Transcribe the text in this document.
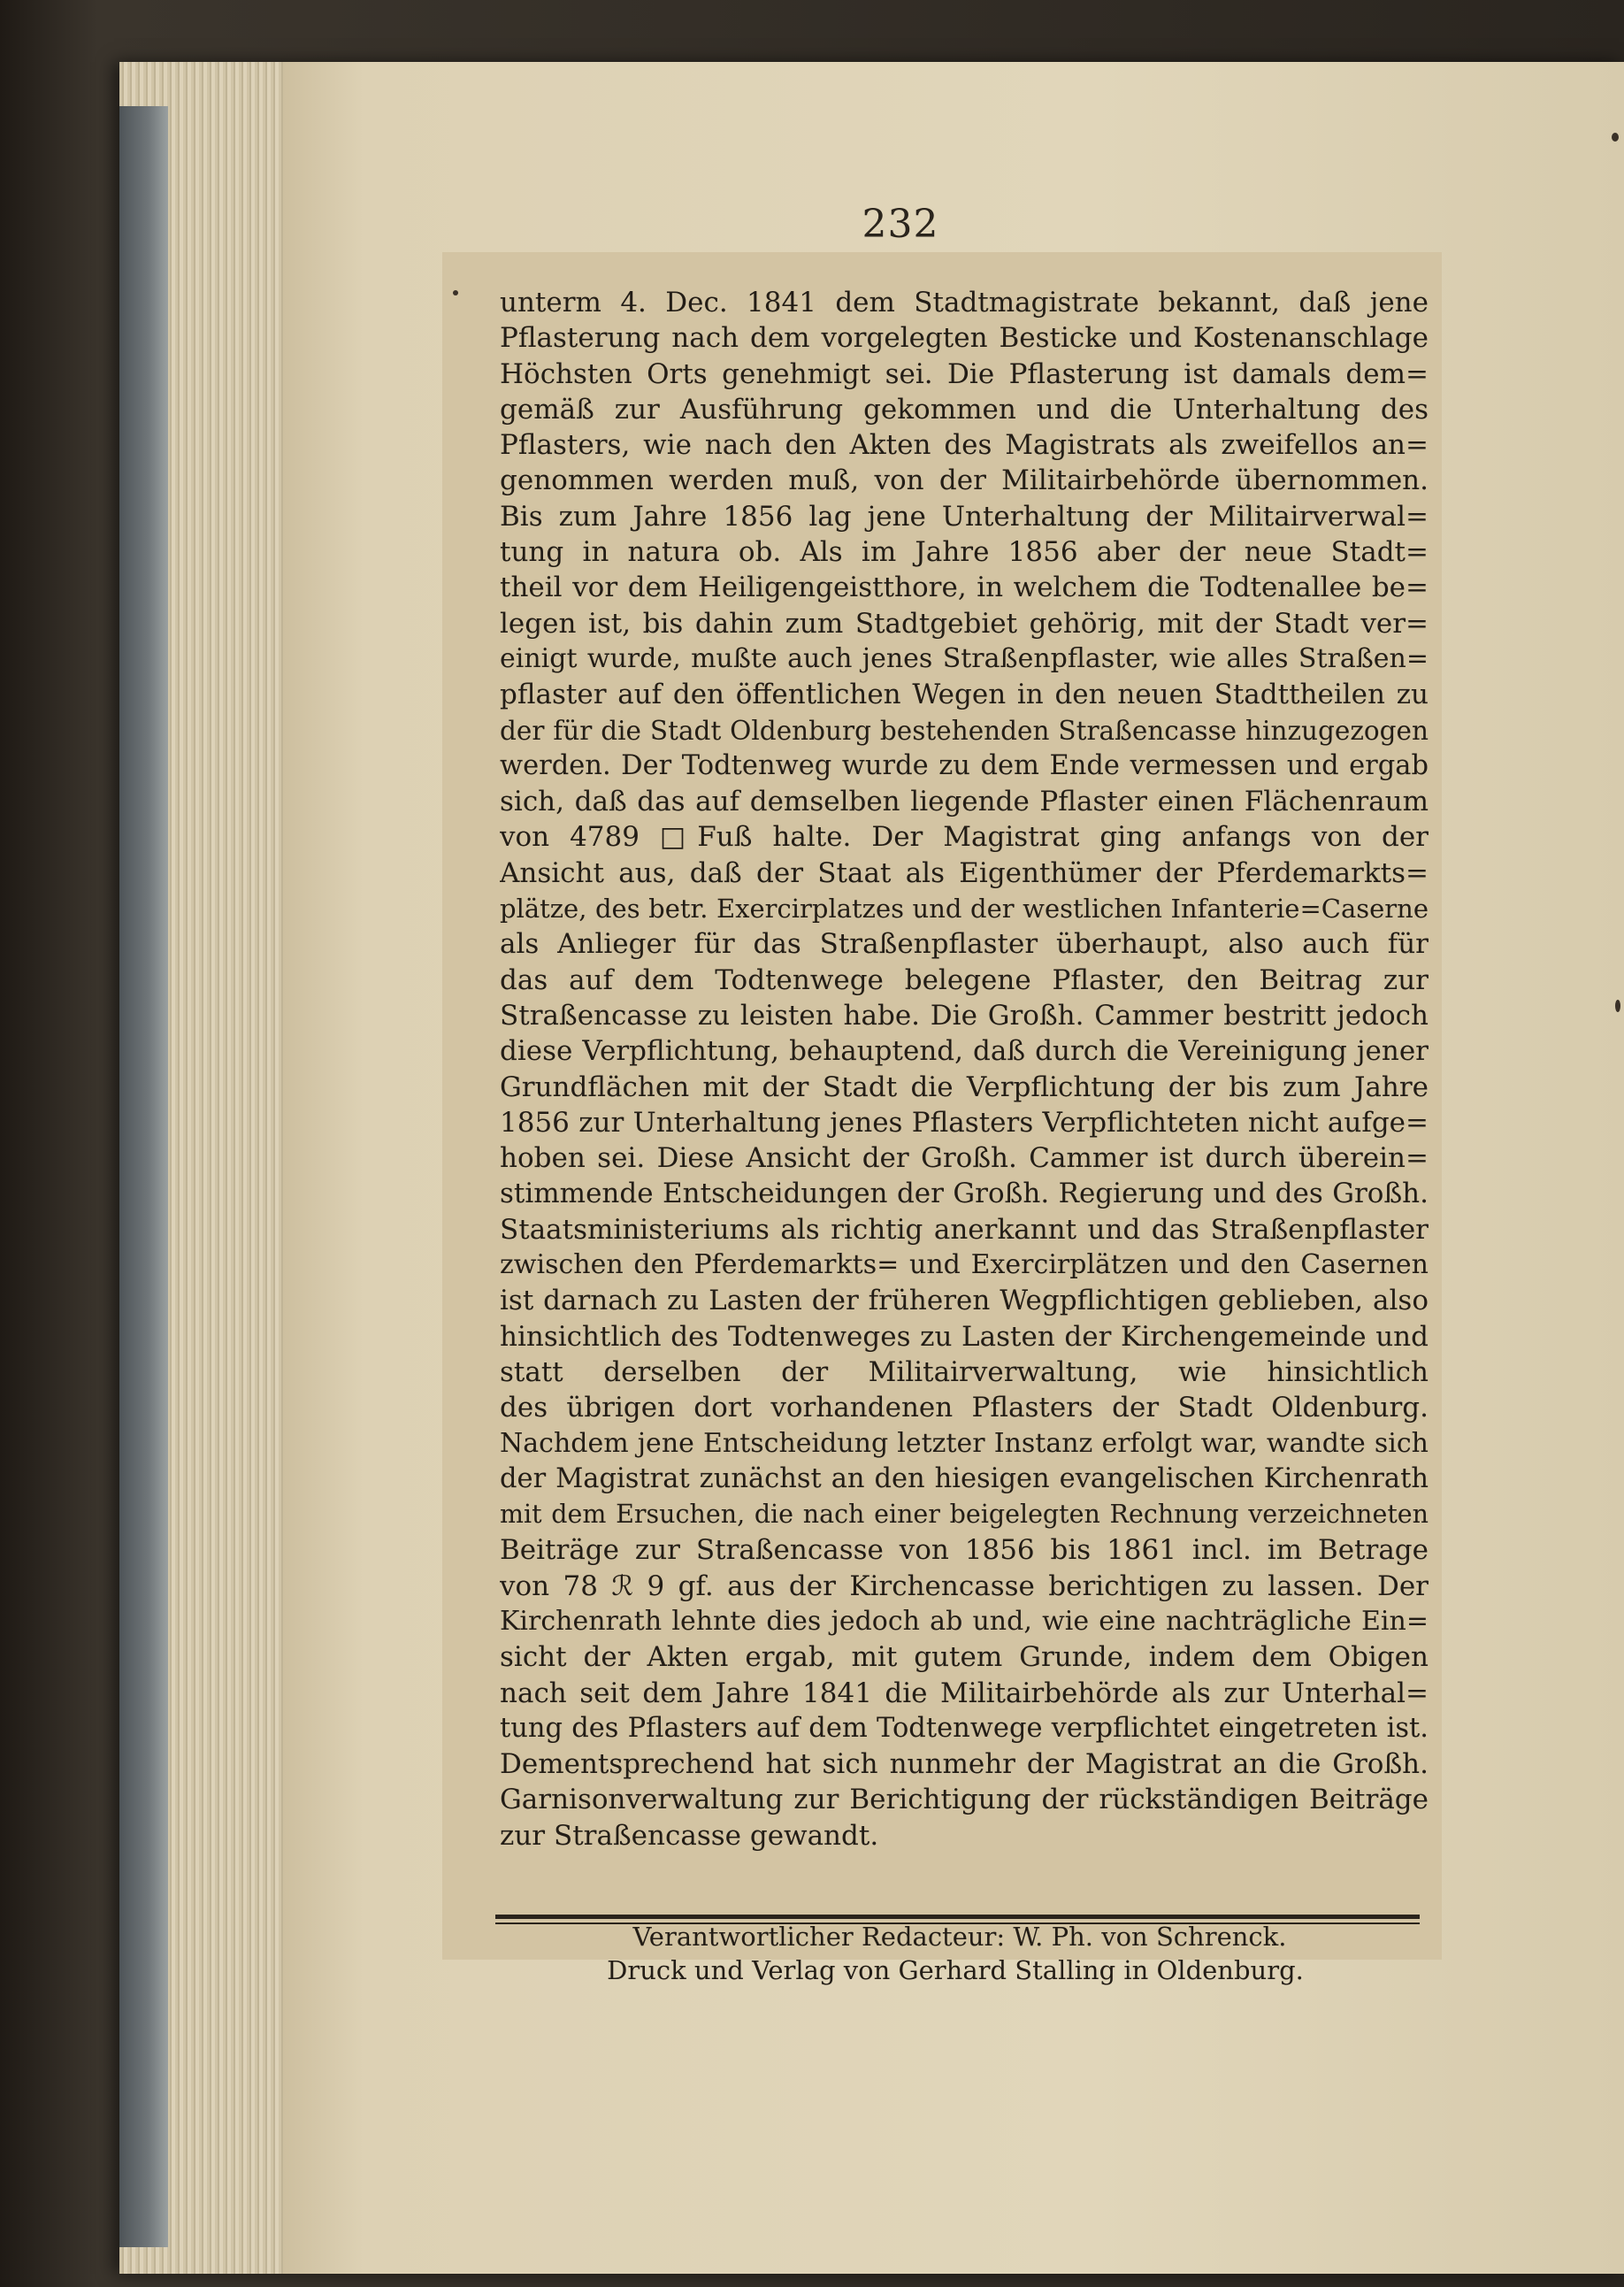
232
unterm 4. Dec. 1841 dem Stadtmagistrate bekannt, daß jene
Pflasterung nach dem vorgelegten Besticke und Kostenanschlage
Höchsten Orts genehmigt sei. Die Pflasterung ist damals dem=
gemäß zur Ausführung gekommen und die Unterhaltung des
Pflasters, wie nach den Akten des Magistrats als zweifellos an=
genommen werden muß, von der Militairbehörde übernommen.
Bis zum Jahre 1856 lag jene Unterhaltung der Militairverwal=
tung in natura ob. Als im Jahre 1856 aber der neue Stadt=
theil vor dem Heiligengeistthore, in welchem die Todtenallee be=
legen ist, bis dahin zum Stadtgebiet gehörig, mit der Stadt ver=
einigt wurde, mußte auch jenes Straßenpflaster, wie alles Straßen=
pflaster auf den öffentlichen Wegen in den neuen Stadttheilen zu
der für die Stadt Oldenburg bestehenden Straßencasse hinzugezogen
werden. Der Todtenweg wurde zu dem Ende vermessen und ergab
sich, daß das auf demselben liegende Pflaster einen Flächenraum
von 4789 □Fuß halte. Der Magistrat ging anfangs von der
Ansicht aus, daß der Staat als Eigenthümer der Pferdemarkts=
plätze, des betr. Exercirplatzes und der westlichen Infanterie=Caserne
als Anlieger für das Straßenpflaster überhaupt, also auch für
das auf dem Todtenwege belegene Pflaster, den Beitrag zur
Straßencasse zu leisten habe. Die Großh. Cammer bestritt jedoch
diese Verpflichtung, behauptend, daß durch die Vereinigung jener
Grundflächen mit der Stadt die Verpflichtung der bis zum Jahre
1856 zur Unterhaltung jenes Pflasters Verpflichteten nicht aufge=
hoben sei. Diese Ansicht der Großh. Cammer ist durch überein=
stimmende Entscheidungen der Großh. Regierung und des Großh.
Staatsministeriums als richtig anerkannt und das Straßenpflaster
zwischen den Pferdemarkts= und Exercirplätzen und den Casernen
ist darnach zu Lasten der früheren Wegpflichtigen geblieben, also
hinsichtlich des Todtenweges zu Lasten der Kirchengemeinde und
statt derselben der Militairverwaltung, wie hinsichtlich
des übrigen dort vorhandenen Pflasters der Stadt Oldenburg.
Nachdem jene Entscheidung letzter Instanz erfolgt war, wandte sich
der Magistrat zunächst an den hiesigen evangelischen Kirchenrath
mit dem Ersuchen, die nach einer beigelegten Rechnung verzeichneten
Beiträge zur Straßencasse von 1856 bis 1861 incl. im Betrage
von 78 ℛ 9 gf. aus der Kirchencasse berichtigen zu lassen. Der
Kirchenrath lehnte dies jedoch ab und, wie eine nachträgliche Ein=
sicht der Akten ergab, mit gutem Grunde, indem dem Obigen
nach seit dem Jahre 1841 die Militairbehörde als zur Unterhal=
tung des Pflasters auf dem Todtenwege verpflichtet eingetreten ist.
Dementsprechend hat sich nunmehr der Magistrat an die Großh.
Garnisonverwaltung zur Berichtigung der rückständigen Beiträge
zur Straßencasse gewandt.
Verantwortlicher Redacteur: W. Ph. von Schrenck.
Druck und Verlag von Gerhard Stalling in Oldenburg.
